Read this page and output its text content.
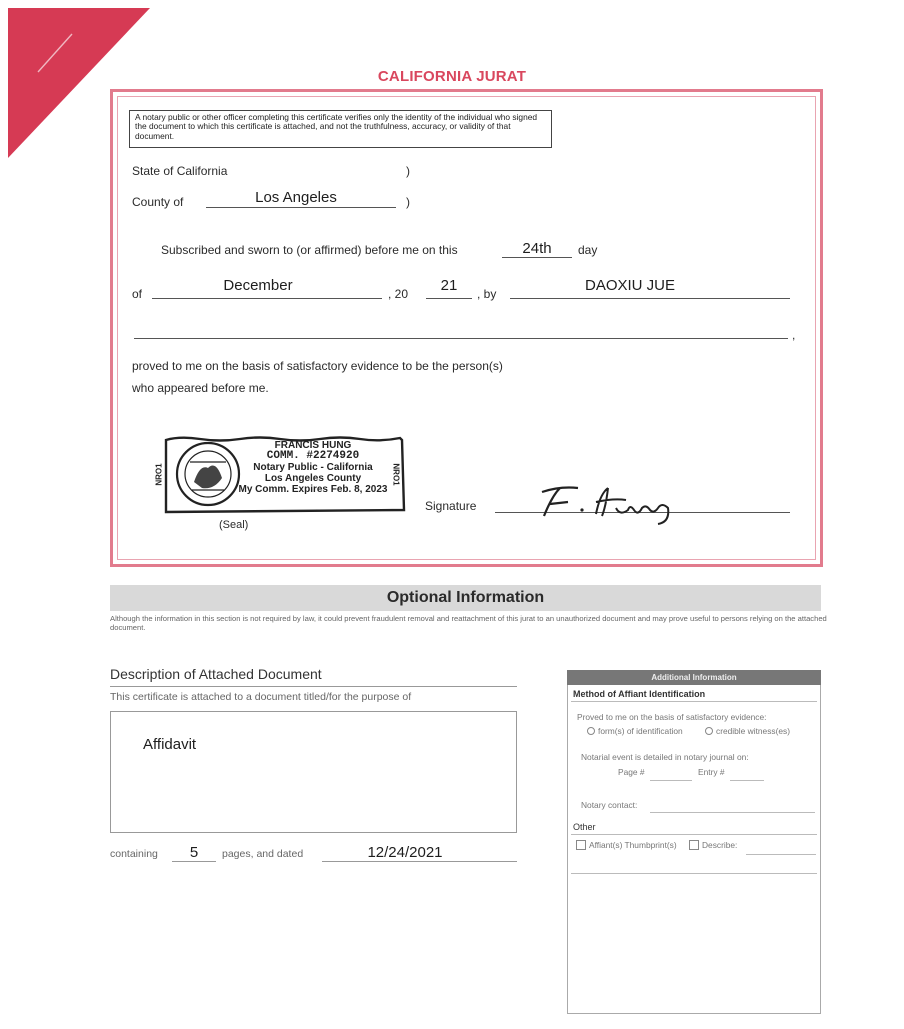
CALIFORNIA JURAT
A notary public or other officer completing this certificate verifies only the identity of the individual who signed the document to which this certificate is attached, and not the truthfulness, accuracy, or validity of that document.
State of California	)
County of	Los Angeles	)
Subscribed and sworn to (or affirmed) before me on this	24th	day
of	December	, 20	21	, by	DAOXIU JUE
,
proved to me on the basis of satisfactory evidence to be the person(s)
who appeared before me.
NRO1	NRO1
FRANCIS HUNG
COMM. #2274920
Notary Public - California
Los Angeles County
My Comm. Expires Feb. 8, 2023
(Seal)
Signature
Optional Information
Although the information in this section is not required by law, it could prevent fraudulent removal and reattachment of this jurat to an unauthorized document and may prove useful to persons relying on the attached document.
Description of Attached Document
This certificate is attached to a document titled/for the purpose of
Affidavit
containing	5	pages, and dated	12/24/2021
Additional Information
Method of Affiant Identification
Proved to me on the basis of satisfactory evidence:
form(s) of identification	credible witness(es)
Notarial event is detailed in notary journal on:
Page #	Entry #
Notary contact:
Other
Affiant(s) Thumbprint(s)	Describe:
